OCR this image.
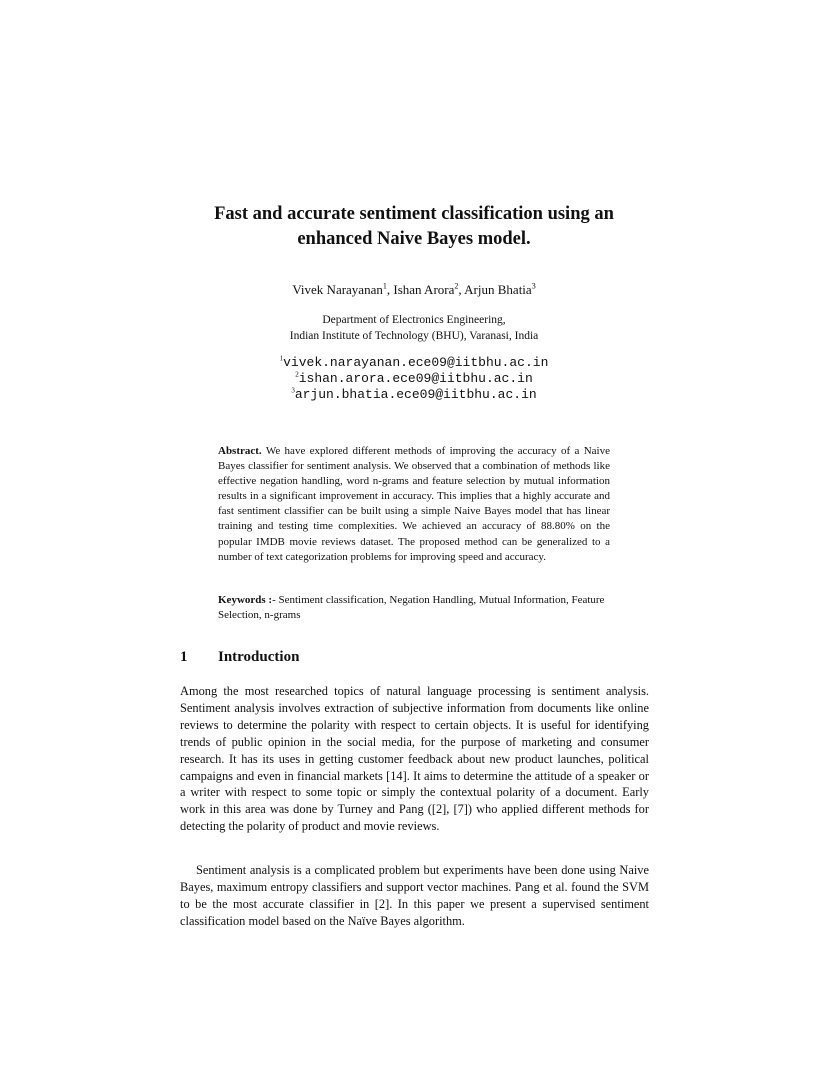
Fast and accurate sentiment classification using an
enhanced Naive Bayes model.
Vivek Narayanan$^1$, Ishan Arora$^2$, Arjun Bhatia$^3$
Department of Electronics Engineering,
Indian Institute of Technology (BHU), Varanasi, India
$^1$vivek.narayanan.ece09@iitbhu.ac.in
$^2$ishan.arora.ece09@iitbhu.ac.in
$^3$arjun.bhatia.ece09@iitbhu.ac.in

Abstract. We have explored different methods of improving the accuracy of a Naive Bayes classifier for sentiment analysis. We observed that a combination of methods like effective negation handling, word n-grams and feature selection by mutual information results in a significant improvement in accuracy. This implies that a highly accurate and fast sentiment classifier can be built using a simple Naive Bayes model that has linear training and testing time complexities. We achieved an accuracy of 88.80% on the popular IMDB movie reviews dataset. The proposed method can be generalized to a number of text categorization problems for improving speed and accuracy.

Keywords :- Sentiment classification, Negation Handling, Mutual Information, Feature Selection, n-grams

1 Introduction

Among the most researched topics of natural language processing is sentiment analysis. Sentiment analysis involves extraction of subjective information from documents like online reviews to determine the polarity with respect to certain objects. It is useful for identifying trends of public opinion in the social media, for the purpose of marketing and consumer research. It has its uses in getting customer feedback about new product launches, political campaigns and even in financial markets [14]. It aims to determine the attitude of a speaker or a writer with respect to some topic or simply the contextual polarity of a document. Early work in this area was done by Turney and Pang ([2], [7]) who applied different methods for detecting the polarity of product and movie reviews.

Sentiment analysis is a complicated problem but experiments have been done using Naive Bayes, maximum entropy classifiers and support vector machines. Pang et al. found the SVM to be the most accurate classifier in [2]. In this paper we present a supervised sentiment classification model based on the Naïve Bayes algorithm.
